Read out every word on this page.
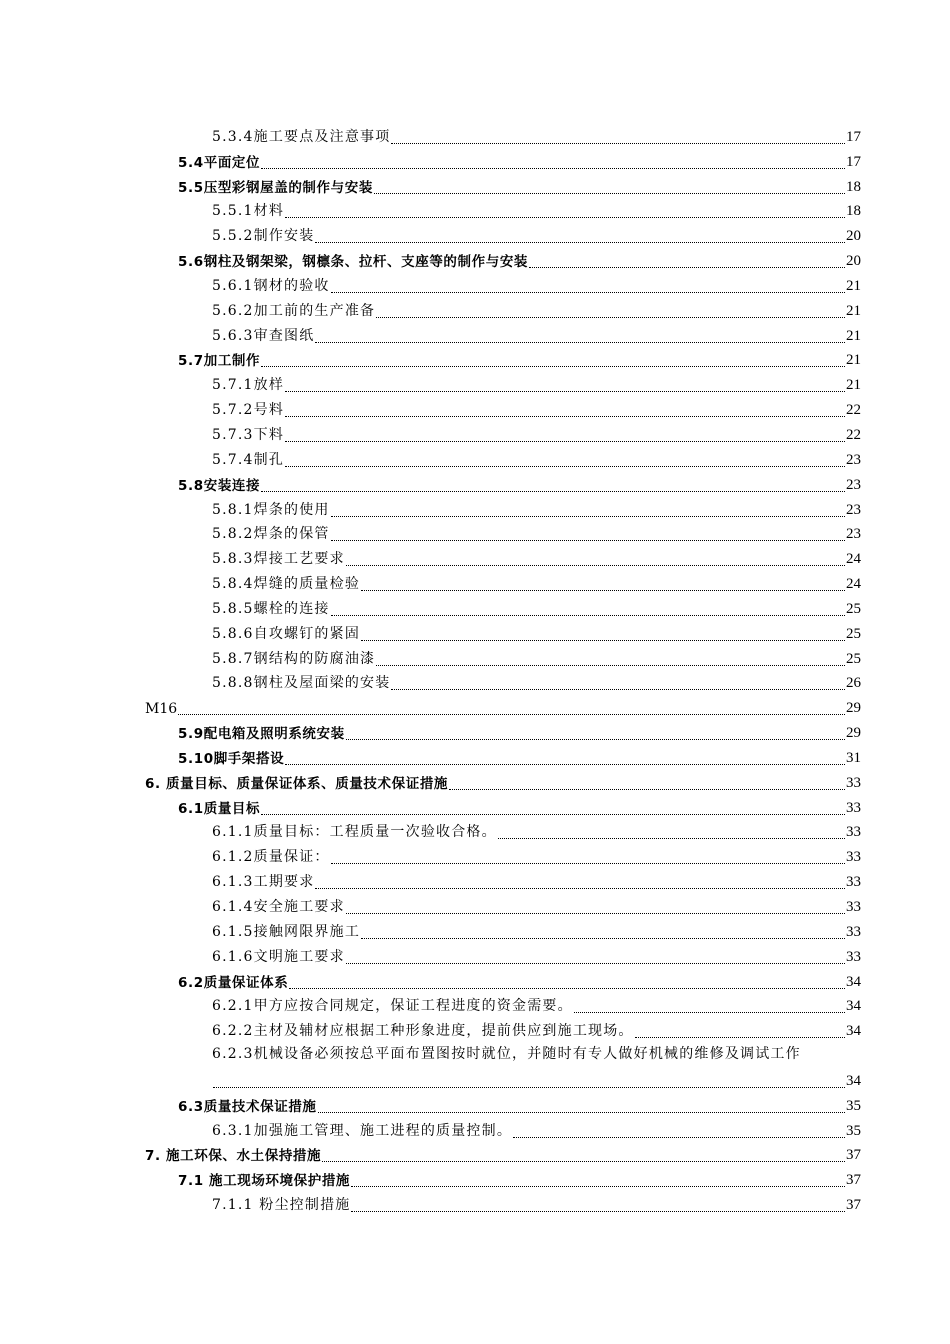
5.3.4施工要点及注意事项	17
5.4平面定位	17
5.5压型彩钢屋盖的制作与安装	18
5.5.1材料	18
5.5.2制作安装	20
5.6钢柱及钢架梁，钢檩条、拉杆、支座等的制作与安装	20
5.6.1钢材的验收	21
5.6.2加工前的生产准备	21
5.6.3审查图纸	21
5.7加工制作	21
5.7.1放样	21
5.7.2号料	22
5.7.3下料	22
5.7.4制孔	23
5.8安装连接	23
5.8.1焊条的使用	23
5.8.2焊条的保管	23
5.8.3焊接工艺要求	24
5.8.4焊缝的质量检验	24
5.8.5螺栓的连接	25
5.8.6自攻螺钉的紧固	25
5.8.7钢结构的防腐油漆	25
5.8.8钢柱及屋面梁的安装	26
M16	29
5.9配电箱及照明系统安装	29
5.10脚手架搭设	31
6. 质量目标、质量保证体系、质量技术保证措施	33
6.1质量目标	33
6.1.1质量目标：工程质量一次验收合格。	33
6.1.2质量保证：	33
6.1.3工期要求	33
6.1.4安全施工要求	33
6.1.5接触网限界施工	33
6.1.6文明施工要求	33
6.2质量保证体系	34
6.2.1甲方应按合同规定，保证工程进度的资金需要。	34
6.2.2主材及辅材应根据工种形象进度，提前供应到施工现场。	34
6.2.3机械设备必须按总平面布置图按时就位，并随时有专人做好机械的维修及调试工作
34
6.3质量技术保证措施	35
6.3.1加强施工管理、施工进程的质量控制。	35
7. 施工环保、水土保持措施	37
7.1 施工现场环境保护措施	37
7.1.1 粉尘控制措施	37
